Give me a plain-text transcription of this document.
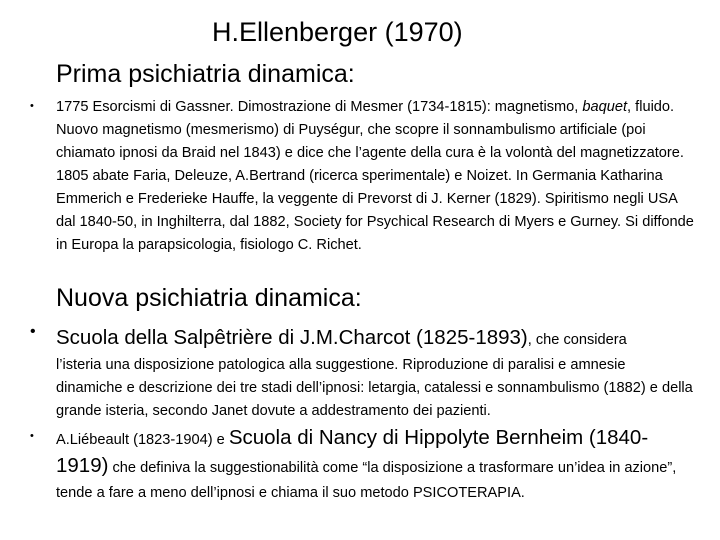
H.Ellenberger (1970)
Prima psichiatria dinamica:
• 1775 Esorcismi di Gassner. Dimostrazione di Mesmer (1734-1815): magnetismo, baquet, fluido. Nuovo magnetismo (mesmerismo) di Puységur, che scopre il sonnambulismo artificiale (poi chiamato ipnosi da Braid nel 1843) e dice che l’agente della cura è la volontà del magnetizzatore. 1805 abate Faria, Deleuze, A.Bertrand (ricerca sperimentale) e Noizet. In Germania Katharina Emmerich e Frederieke Hauffe, la veggente di Prevorst di J. Kerner (1829). Spiritismo negli USA dal 1840-50, in Inghilterra, dal 1882, Society for Psychical Research di Myers e Gurney. Si diffonde in Europa la parapsicologia, fisiologo C. Richet.
Nuova psichiatria dinamica:
• Scuola della Salpêtrière di J.M.Charcot (1825-1893), che considera
l’isteria una disposizione patologica alla suggestione. Riproduzione di paralisi e amnesie dinamiche e descrizione dei tre stadi dell’ipnosi: letargia, catalessi e sonnambulismo (1882) e della grande isteria, secondo Janet dovute a addestramento dei pazienti.
• A.Liébeault (1823-1904) e Scuola di Nancy di Hippolyte Bernheim (1840-1919) che definiva la suggestionabilità come “la disposizione a trasformare un’idea in azione”, tende a fare a meno dell’ipnosi e chiama il suo metodo PSICOTERAPIA.
